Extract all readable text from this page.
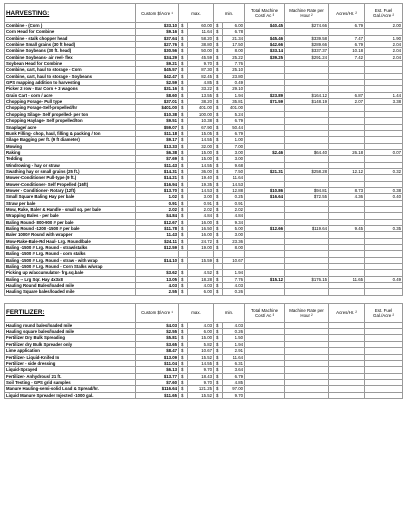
HARVESTING:	Custom $/Acre ¹	max.		min.		Total Machine Cost/ Ac ³	Machine Rate per Hour ²	Acres/Hr. ²	Est. Fuel Gal./Acre ²
Combine - (Corn )	$33.10	$	60.00	$	6.00	$40.45	$274.66	6.79	2.00
Corn Head for Combine	$9.16	$	11.64	$	6.78				
Combine - stalk chopper head	$37.64	$	58.20	$	21.34	$45.46	$339.58	7.47	1.90
Combine Small grains (30 ft head)	$27.76	$	38.80	$	17.50	$42.66	$289.66	6.79	2.04
Combine Soybeans (30 ft. head)	$30.56	$	50.00	$	8.00	$33.14	$337.37	10.18	2.04
Combine Soybeans- air reel- flex	$34.29	$	45.59	$	25.22	$39.25	$291.24	7.42	2.04
Soybean Head for Combine	$9.21	$	9.70	$	7.76				
Combine, cart, haul to storage - Corn	$45.57	$	87.30	$	25.10				
Combine, cart, haul to storage - Soybeans	$42.47	$	82.45	$	23.80				
GPS mapping addition to harvesting	$2.59	$	4.85	$	0.49				
Picker 2 row - Ear Corn + 3 wagons	$31.16	$	33.22	$	29.10				
Grain Cart - corn / acre	$8.60	$	13.55	$	1.94	$23.89	$164.12	6.87	1.44
Chopping Forage- Pull type	$37.01	$	38.20	$	35.81	$71.59	$148.19	2.07	3.38
Chopping Forage-Self-propelled/hr	$401.00	$	401.00	$	401.00				
Chopping Silage- Self propelled- per ton	$10.38	$	100.00	$	5.24				
Chopping Haylage- Self propelled/ton	$9.51	$	10.38	$	6.79				
Snaplage/ acre	$59.07	$	67.90	$	50.44				
Bunk Filling- chop, haul, filling & packing / ton	$11.18	$	15.05	$	6.79				
Silage Bagging per ft. (9 ft diameter)	$9.17	$	14.55	$	1.00				
Mowing	$13.33	$	32.00	$	7.00				
Raking	$6.38	$	15.00	$	3.00	$2.46	$64.40	26.18	0.07
Tedding	$7.69	$	15.00	$	3.00				
Windrowing - hay or straw	$11.43	$	14.55	$	9.68				
Swathing hay or small grains (25 ft.)	$14.31	$	36.00	$	7.50	$21.31	$258.28	12.12	0.32
Mower-Conditioner Pull-type (9 ft.)	$14.21	$	19.40	$	11.64				
Mower-Conditioner- Self Propelled (16ft)	$16.94	$	19.35	$	14.53				
Mower - Conditioner- Rotary (12ft)	$13.70	$	14.53	$	12.88	$10.86	$94.81	8.73	0.38
Small Square Baling Hay per bale	1.02	$	3.00	$	0.25	$16.64	$72.55	4.36	0.40
Straw per bale	0.91	$	0.91	$	0.91				
Mow, Rake, Baler & Handle - small sq. per bale	2.02	$	2.02	$	2.02				
Wrapping Bales - per bale	$4.84	$	4.84	$	4.84				
Baling Round- 800-900 # per bale	$12.67	$	16.00	$	9.34				
Baling Round -1200 -1500 # per bale	$11.78	$	16.50	$	5.00	$12.66	$119.64	9.45	0.35
Baler 1000# Round with wrapper	11.43	$	16.00	$	3.00				
Mow-Rake-Bale-Rd Haul- Lrg. Round/bale	$24.11	$	24.72	$	23.36				
Baling -1500 # Lrg. Round - straw/stalks	$12.59	$	19.00	$	8.00				
Baling -1500 # Lrg. Round - corn stalks									
Baling -1500 # Lrg. Round - straw - with wrap	$14.10	$	15.59	$	10.67				
Baling -1500 # Lrg. Round - Corn Stalks w/wrap									
Picking up w/accumulator- frg.sq.bale	$3.62	$	4.52	$	1.94				
Baling -- Lrg Sqr. Hay 4x3x8	13.05	$	18.28	$	7.76	$15.12	$176.15	11.65	0.49
Hauling Round Bales/loaded mile	4.03	$	4.03	$	4.03				
Hauling Square bales/loaded mile	2.55	$	6.00	$	0.26				

FERTILIZER:	Custom $/Acre ¹	max.		min.		Total Machine Cost/ Ac ³	Machine Rate per Hour ²	Acres/Hr. ²	Est. Fuel Gal./Acre ²
Hauling round bales/loaded mile	$4.03	$	4.03	$	4.03				
Hauling square bales/loaded mile	$2.55	$	6.00	$	0.26				
Fertilizer Dry Bulk Spreading	$5.81	$	15.00	$	1.50				
Fertilizer dry Bulk Spreader only	$3.65	$	5.82	$	1.94				
Lime application	$8.47	$	10.67	$	2.91				
Fertilizer- Liquid-Knifed In	$13.09	$	15.52	$	11.64				
Fertilizer - side dressing	$11.04	$	14.55	$	6.31				
Liquid-Sprayed	$6.13	$	9.70	$	3.64				
Fertilizer- Anhydrous/ 21 ft.	$13.77	$	18.43	$	6.79				
Soil Testing - GPS grid samples	$7.60	$	9.70	$	4.85				
Manure Hauling-semi-solid Load & Spread/hr.	$116.64	$	121.25	$	97.00				
Liquid Manure Spreader Injected -1000 gal.	$11.65	$	15.52	$	9.70				
